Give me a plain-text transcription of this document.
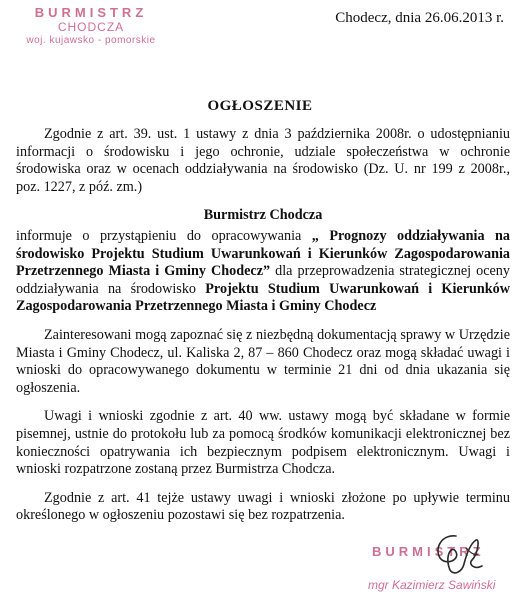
BURMISTRZ
CHODCZA
woj. kujawsko - pomorskie
Chodecz, dnia 26.06.2013 r.
OGŁOSZENIE

Zgodnie z art. 39. ust. 1 ustawy z dnia 3 października 2008r. o udostępnianiu informacji o środowisku i jego ochronie, udziale społeczeństwa w ochronie środowiska oraz w ocenach oddziaływania na środowisko (Dz. U. nr 199 z 2008r., poz. 1227, z póź. zm.)

Burmistrz Chodcza

informuje o przystąpieniu do opracowywania „ Prognozy oddziaływania na środowisko Projektu Studium Uwarunkowań i Kierunków Zagospodarowania Przetrzennego Miasta i Gminy Chodecz” dla przeprowadzenia strategicznej oceny oddziaływania na środowisko Projektu Studium Uwarunkowań i Kierunków Zagospodarowania Przetrzennego Miasta i Gminy Chodecz

Zainteresowani mogą zapoznać się z niezbędną dokumentacją sprawy w Urzędzie Miasta i Gminy Chodecz, ul. Kaliska 2, 87 – 860 Chodecz oraz mogą składać uwagi i wnioski do opracowywanego dokumentu w terminie 21 dni od dnia ukazania się ogłoszenia.

Uwagi i wnioski zgodnie z art. 40 ww. ustawy mogą być składane w formie pisemnej, ustnie do protokołu lub za pomocą środków komunikacji elektronicznej bez konieczności opatrywania ich bezpiecznym podpisem elektronicznym. Uwagi i wnioski rozpatrzone zostaną przez Burmistrza Chodcza.

Zgodnie z art. 41 tejże ustawy uwagi i wnioski złożone po upływie terminu określonego w ogłoszeniu pozostawi się bez rozpatrzenia.

BURMISTRZ
mgr Kazimierz Sawiński
